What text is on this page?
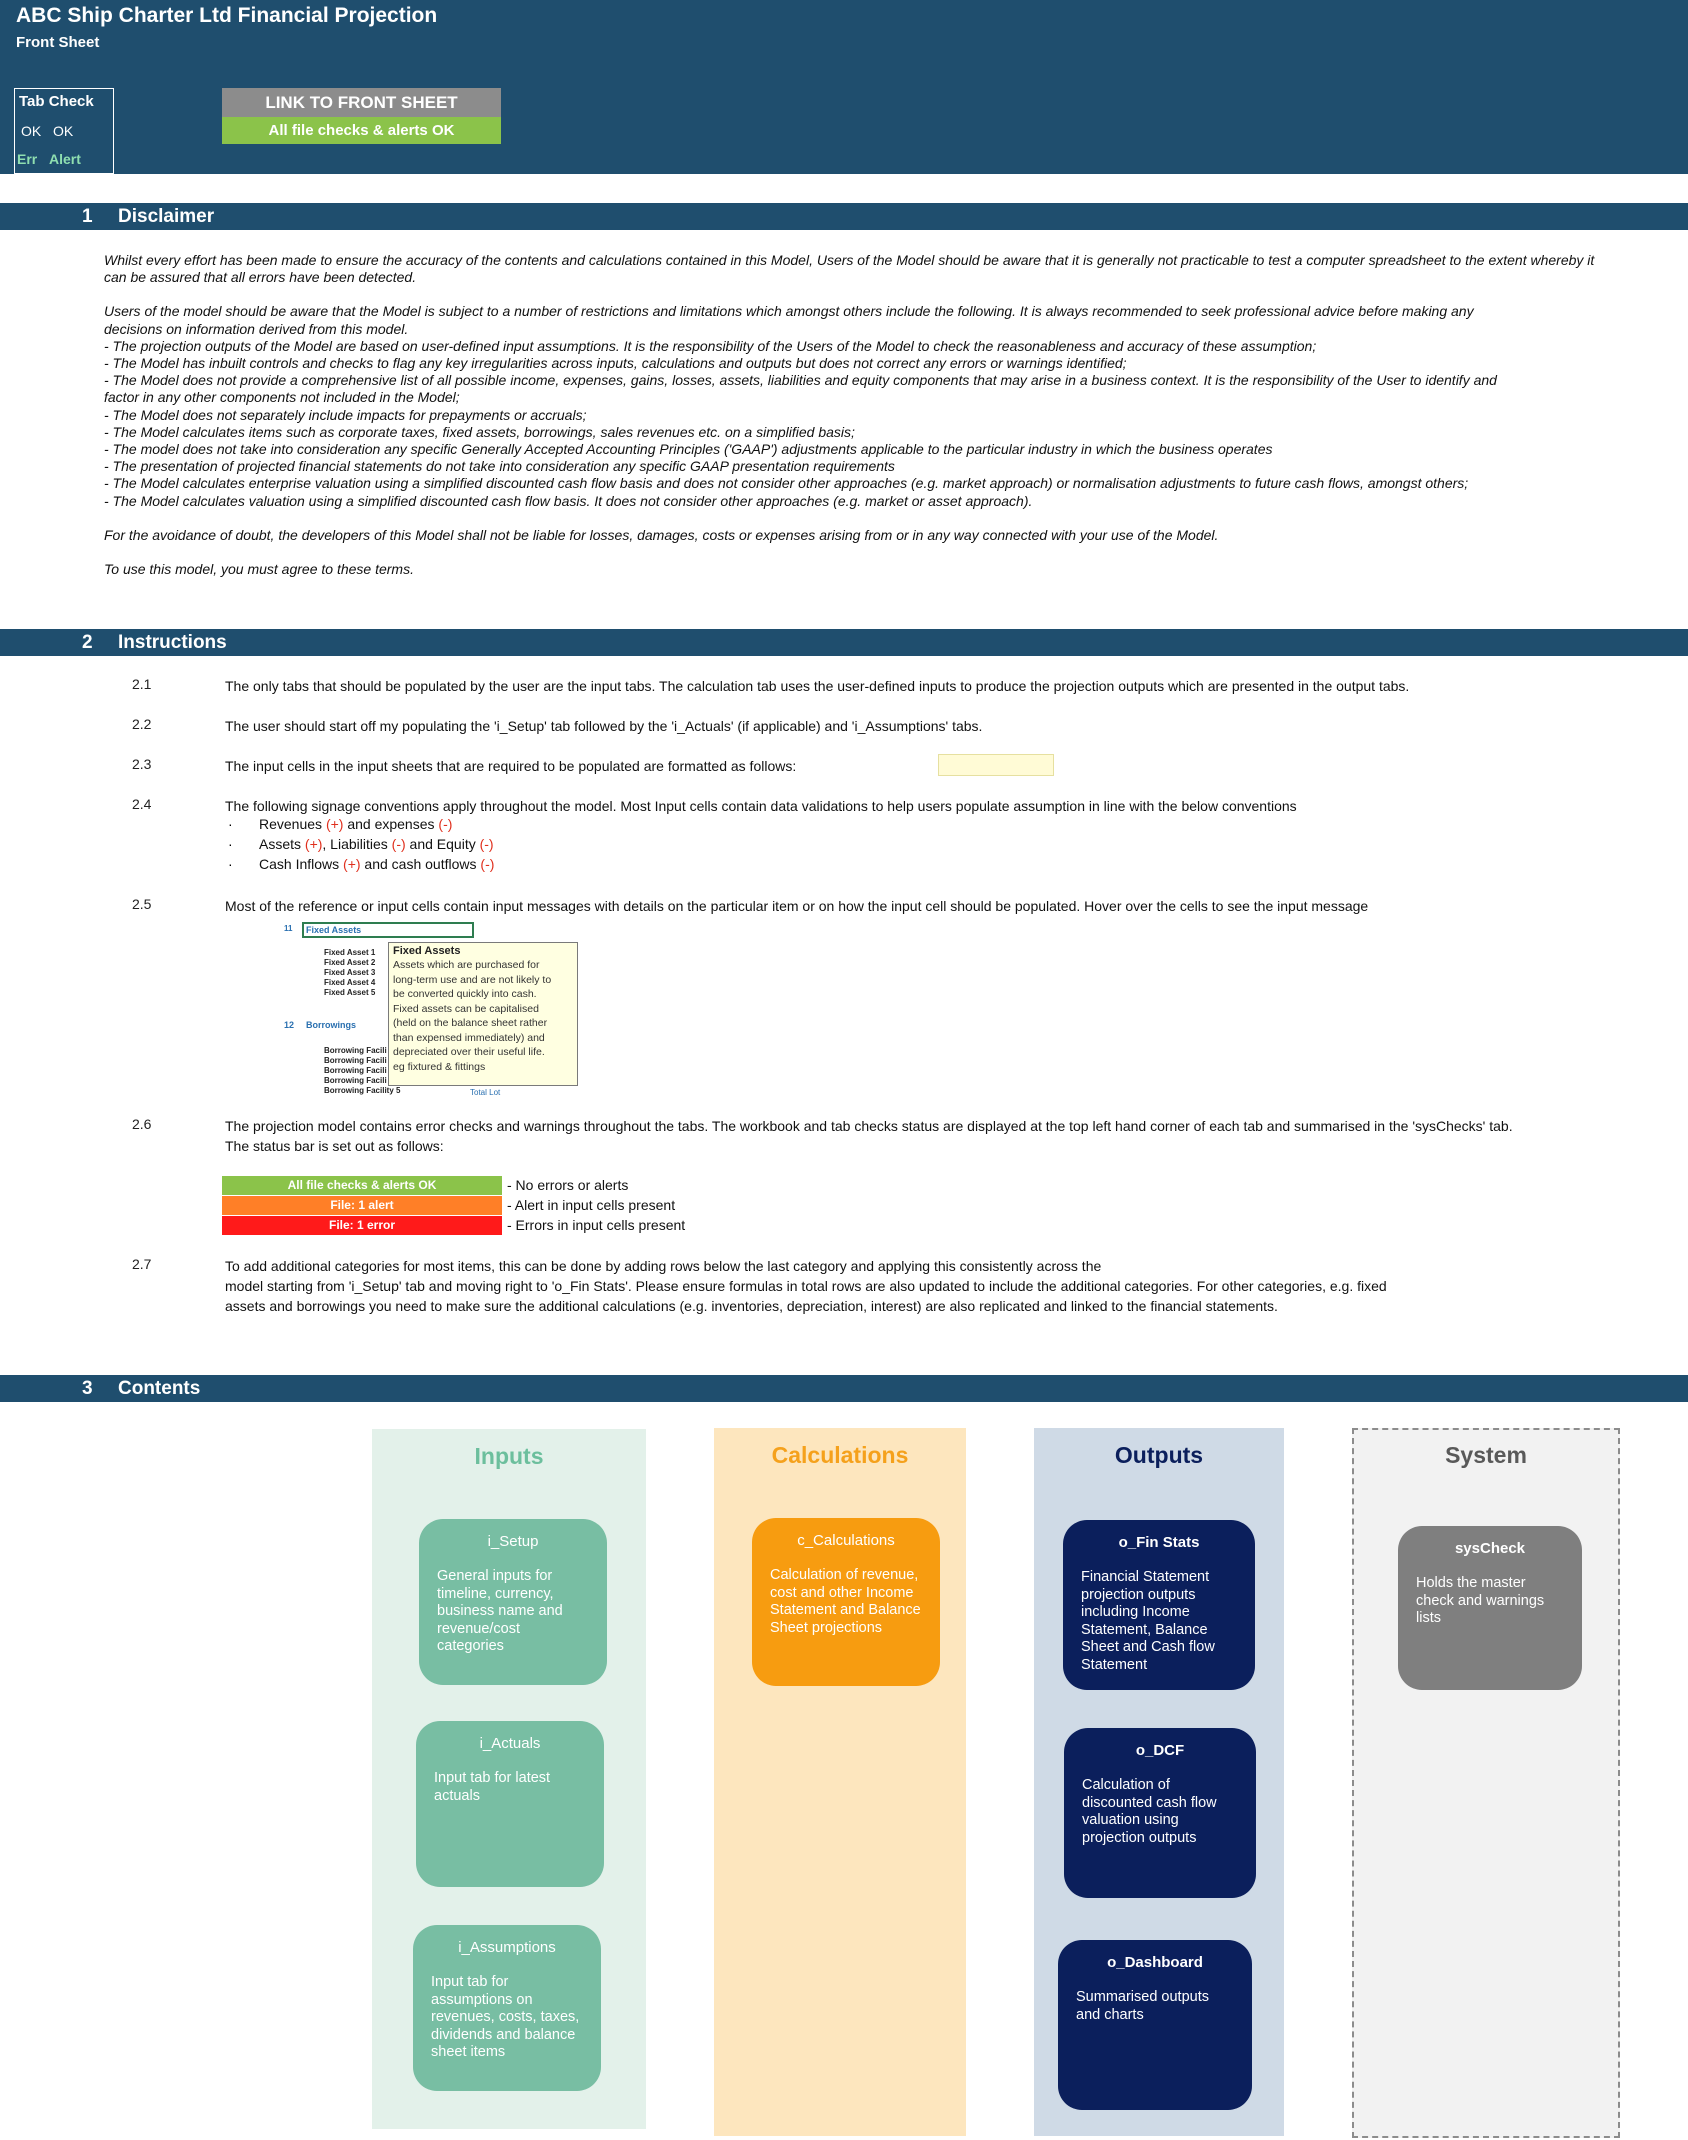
ABC Ship Charter Ltd Financial Projection
Front Sheet
Tab Check
OK OK
Err Alert
LINK TO FRONT SHEET
All file checks & alerts OK
1 Disclaimer

Whilst every effort has been made to ensure the accuracy of the contents and calculations contained in this Model, Users of the Model should be aware that it is generally not practicable to test a computer spreadsheet to the extent whereby it can be assured that all errors have been detected.

Users of the model should be aware that the Model is subject to a number of restrictions and limitations which amongst others include the following. It is always recommended to seek professional advice before making any
decisions on information derived from this model.
- The projection outputs of the Model are based on user-defined input assumptions. It is the responsibility of the Users of the Model to check the reasonableness and accuracy of these assumption;
- The Model has inbuilt controls and checks to flag any key irregularities across inputs, calculations and outputs but does not correct any errors or warnings identified;
- The Model does not provide a comprehensive list of all possible income, expenses, gains, losses, assets, liabilities and equity components that may arise in a business context. It is the responsibility of the User to identify and
factor in any other components not included in the Model;
- The Model does not separately include impacts for prepayments or accruals;
- The Model calculates items such as corporate taxes, fixed assets, borrowings, sales revenues etc. on a simplified basis;
- The model does not take into consideration any specific Generally Accepted Accounting Principles ('GAAP') adjustments applicable to the particular industry in which the business operates
- The presentation of projected financial statements do not take into consideration any specific GAAP presentation requirements
- The Model calculates enterprise valuation using a simplified discounted cash flow basis and does not consider other approaches (e.g. market approach) or normalisation adjustments to future cash flows, amongst others;
- The Model calculates valuation using a simplified discounted cash flow basis. It does not consider other approaches (e.g. market or asset approach).

For the avoidance of doubt, the developers of this Model shall not be liable for losses, damages, costs or expenses arising from or in any way connected with your use of the Model.

To use this model, you must agree to these terms.

2 Instructions
2.1	The only tabs that should be populated by the user are the input tabs. The calculation tab uses the user-defined inputs to produce the projection outputs which are presented in the output tabs.
2.2	The user should start off my populating the 'i_Setup' tab followed by the 'i_Actuals' (if applicable) and 'i_Assumptions' tabs.
2.3	The input cells in the input sheets that are required to be populated are formatted as follows:
2.4	The following signage conventions apply throughout the model. Most Input cells contain data validations to help users populate assumption in line with the below conventions
· Revenues (+) and expenses (-)
· Assets (+), Liabilities (-) and Equity (-)
· Cash Inflows (+) and cash outflows (-)
2.5	Most of the reference or input cells contain input messages with details on the particular item or on how the input cell should be populated. Hover over the cells to see the input message
11	Fixed Assets
Fixed Asset 1
Fixed Asset 2
Fixed Asset 3
Fixed Asset 4
Fixed Asset 5
12 Borrowings
Borrowing Facili
Borrowing Facili
Borrowing Facili
Borrowing Facili
Borrowing Facility 5	Total Lot
Fixed Assets
Assets which are purchased for
long-term use and are not likely to
be converted quickly into cash.
Fixed assets can be capitalised
(held on the balance sheet rather
than expensed immediately) and
depreciated over their useful life.
eg fixtured & fittings
2.6	The projection model contains error checks and warnings throughout the tabs. The workbook and tab checks status are displayed at the top left hand corner of each tab and summarised in the 'sysChecks' tab.
The status bar is set out as follows:
All file checks & alerts OK	- No errors or alerts
File: 1 alert	- Alert in input cells present
File: 1 error	- Errors in input cells present
2.7	To add additional categories for most items, this can be done by adding rows below the last category and applying this consistently across the
model starting from 'i_Setup' tab and moving right to 'o_Fin Stats'. Please ensure formulas in total rows are also updated to include the additional categories. For other categories, e.g. fixed
assets and borrowings you need to make sure the additional calculations (e.g. inventories, depreciation, interest) are also replicated and linked to the financial statements.
3 Contents
Inputs
i_Setup
General inputs for timeline, currency, business name and revenue/cost categories
i_Actuals
Input tab for latest actuals
i_Assumptions
Input tab for assumptions on revenues, costs, taxes, dividends and balance sheet items
Calculations
c_Calculations
Calculation of revenue, cost and other Income Statement and Balance Sheet projections
Outputs
o_Fin Stats
Financial Statement projection outputs including Income Statement, Balance Sheet and Cash flow Statement
o_DCF
Calculation of discounted cash flow valuation using projection outputs
o_Dashboard
Summarised outputs and charts
System
sysCheck
Holds the master check and warnings lists
